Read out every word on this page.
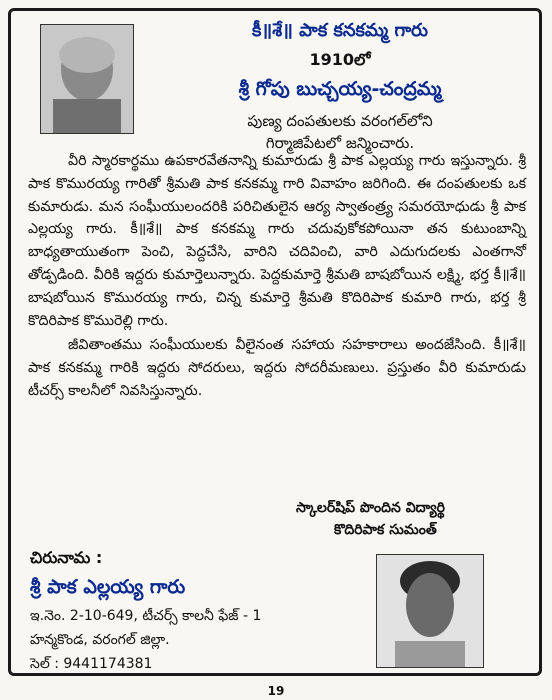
కీ॥శే॥ పాక కనకమ్మ గారు
1910లో
శ్రీ గోపు బుచ్చయ్య-చంద్రమ్మ
పుణ్య దంపతులకు వరంగల్‌లోని
గిర్మాజిపేటలో జన్మించారు.

వీరి స్మారకార్థము ఉపకారవేతనాన్ని కుమారుడు శ్రీ పాక ఎల్లయ్య గారు ఇస్తున్నారు. శ్రీ పాక కొమురయ్య గారితో శ్రీమతి పాక కనకమ్మ గారి వివాహం జరిగింది. ఈ దంపతులకు ఒక కుమారుడు. మన సంఘీయులందరికి పరిచితులైన ఆర్య స్వాతంత్ర్య సమరయోధుడు శ్రీ పాక ఎల్లయ్య గారు. కీ॥శే॥ పాక కనకమ్మ గారు చదువుకోకపోయినా తన కుటుంబాన్ని బాధ్యతాయుతంగా పెంచి, పెద్దచేసి, వారిని చదివించి, వారి ఎదుగుదలకు ఎంతగానో తోడ్పడింది. వీరికి ఇద్దరు కుమార్తెలున్నారు. పెద్దకుమార్తె శ్రీమతి బాషబోయిన లక్ష్మి, భర్త కీ॥శే॥ బాషబోయిన కొమురయ్య గారు, చిన్న కుమార్తె శ్రీమతి కొదిరిపాక కుమారి గారు, భర్త శ్రీ కొదిరిపాక కొమురెల్లి గారు.

జీవితాంతము సంఘీయులకు వీలైనంత సహాయ సహకారాలు అందజేసింది. కీ॥శే॥ పాక కనకమ్మ గారికి ఇద్దరు సోదరులు, ఇద్దరు సోదరీమణులు. ప్రస్తుతం వీరి కుమారుడు టీచర్స్ కాలనీలో నివసిస్తున్నారు.

స్కాలర్‌షిప్ పొందిన విద్యార్థి
కొదిరిపాక సుమంత్
చిరునామ :
శ్రీ పాక ఎల్లయ్య గారు
ఇ.నెం. 2-10-649, టీచర్స్ కాలనీ ఫేజ్ - 1
హన్మకొండ, వరంగల్ జిల్లా.
సెల్ : 9441174381
19
